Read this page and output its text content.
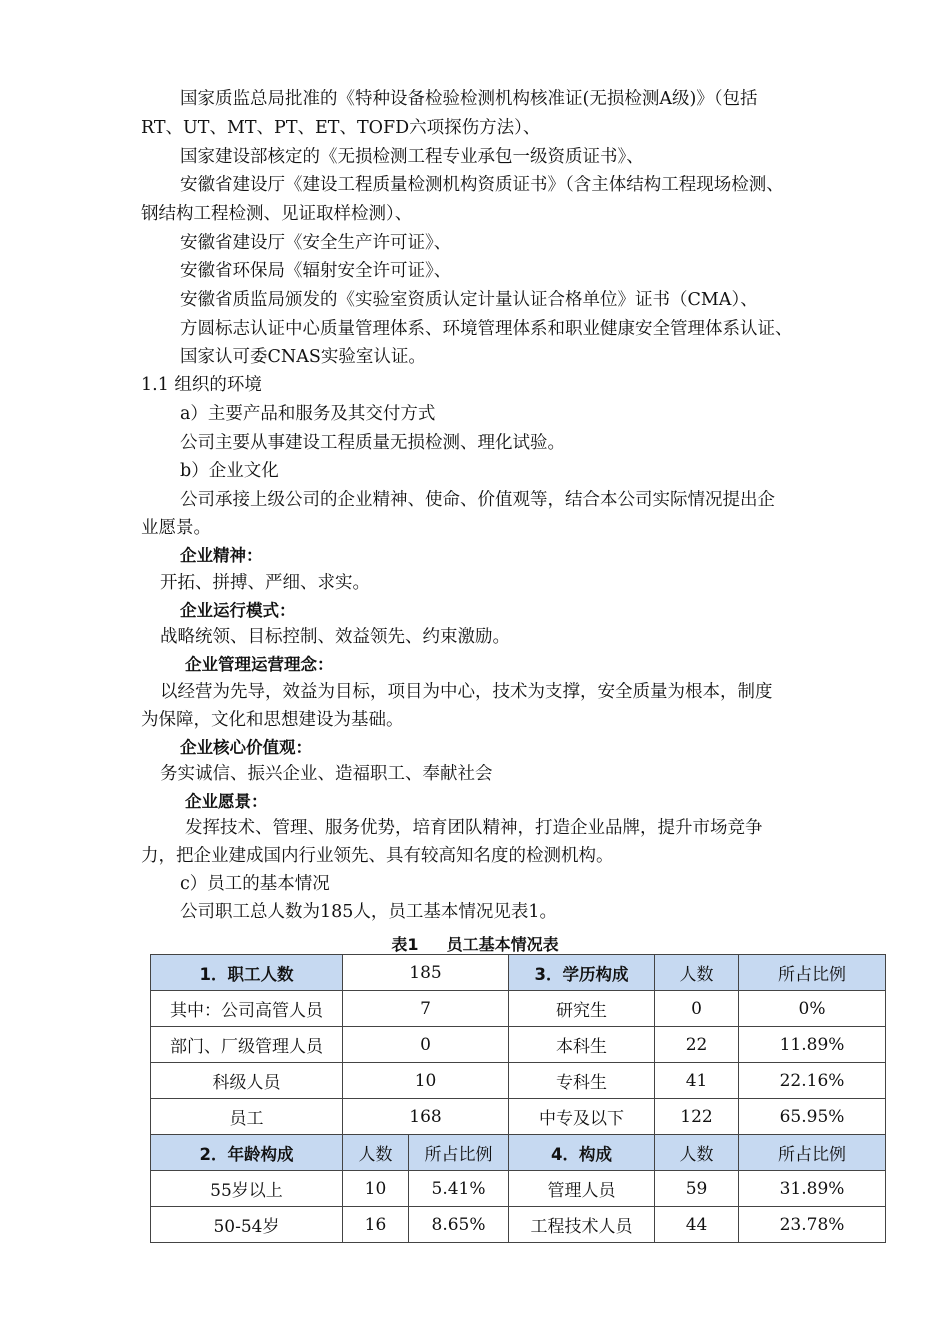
国家质监总局批准的《特种设备检验检测机构核准证(无损检测A级)》（包括
RT、UT、MT、PT、ET、TOFD六项探伤方法）、
国家建设部核定的《无损检测工程专业承包一级资质证书》、
安徽省建设厅《建设工程质量检测机构资质证书》（含主体结构工程现场检测、
钢结构工程检测、见证取样检测）、
安徽省建设厅《安全生产许可证》、
安徽省环保局《辐射安全许可证》、
安徽省质监局颁发的《实验室资质认定计量认证合格单位》证书（CMA）、
方圆标志认证中心质量管理体系、环境管理体系和职业健康安全管理体系认证、
国家认可委CNAS实验室认证。
1.1 组织的环境
a）主要产品和服务及其交付方式
公司主要从事建设工程质量无损检测、理化试验。
b）企业文化
公司承接上级公司的企业精神、使命、价值观等，结合本公司实际情况提出企
业愿景。
企业精神：
开拓、拼搏、严细、求实。
企业运行模式：
战略统领、目标控制、效益领先、约束激励。
企业管理运营理念：
以经营为先导，效益为目标，项目为中心，技术为支撑，安全质量为根本，制度
为保障，文化和思想建设为基础。
企业核心价值观：
务实诚信、振兴企业、造福职工、奉献社会
企业愿景：
发挥技术、管理、服务优势，培育团队精神，打造企业品牌，提升市场竞争
力，把企业建成国内行业领先、具有较高知名度的检测机构。
c）员工的基本情况
公司职工总人数为185人，员工基本情况见表1。
表1 员工基本情况表
1．职工人数	185		3．学历构成	人数	所占比例
其中：公司高管人员	7		研究生	0	0%
部门、厂级管理人员	0		本科生	22	11.89%
科级人员	10		专科生	41	22.16%
员工	168		中专及以下	122	65.95%
2．年龄构成	人数	所占比例	4．构成	人数	所占比例
55岁以上	10	5.41%	管理人员	59	31.89%
50-54岁	16	8.65%	工程技术人员	44	23.78%
